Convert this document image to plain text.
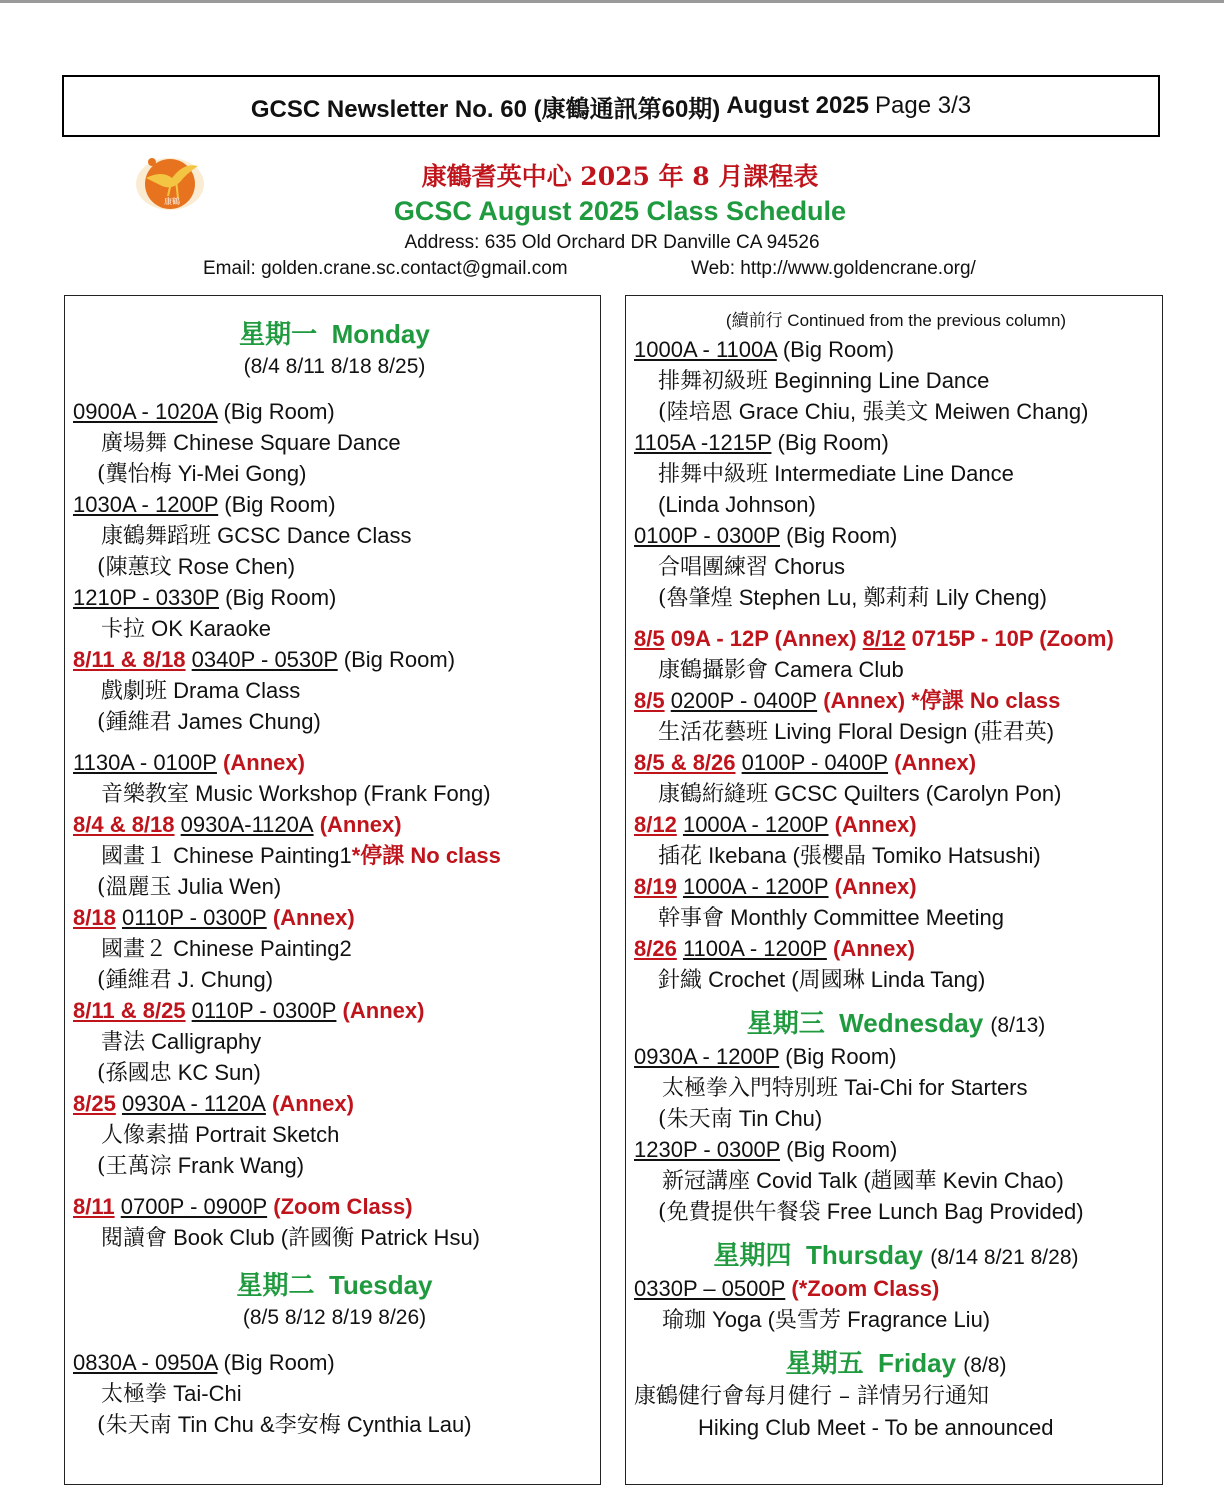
GCSC Newsletter No. 60 (康鶴通訊第60期) August 2025 Page 3/3
康鶴
康鶴耆英中心 2025 年 8 月課程表
GCSC August 2025 Class Schedule
Address: 635 Old Orchard DR Danville CA 94526
Email: golden.crane.sc.contact@gmail.com	Web: http://www.goldencrane.org/
星期一 Monday
(8/4 8/11 8/18 8/25)
0900A - 1020A (Big Room)
廣場舞 Chinese Square Dance
(龔怡梅 Yi-Mei Gong)
1030A - 1200P (Big Room)
康鶴舞蹈班 GCSC Dance Class
(陳蕙玟 Rose Chen)
1210P - 0330P (Big Room)
卡拉 OK Karaoke
8/11 & 8/18 0340P - 0530P (Big Room)
戲劇班 Drama Class
(鍾維君 James Chung)
1130A - 0100P (Annex)
音樂教室 Music Workshop (Frank Fong)
8/4 & 8/18 0930A-1120A (Annex)
國畫１ Chinese Painting1*停課 No class
(溫麗玉 Julia Wen)
8/18 0110P - 0300P (Annex)
國畫２ Chinese Painting2
(鍾維君 J. Chung)
8/11 & 8/25 0110P - 0300P (Annex)
書法 Calligraphy
(孫國忠 KC Sun)
8/25 0930A - 1120A (Annex)
人像素描 Portrait Sketch
(王萬淙 Frank Wang)
8/11 0700P - 0900P (Zoom Class)
閱讀會 Book Club (許國衡 Patrick Hsu)
星期二 Tuesday
(8/5 8/12 8/19 8/26)
0830A - 0950A (Big Room)
太極拳 Tai-Chi
(朱天南 Tin Chu &李安梅 Cynthia Lau)
(續前行 Continued from the previous column)
1000A - 1100A (Big Room)
排舞初級班 Beginning Line Dance
(陸培恩 Grace Chiu, 張美文 Meiwen Chang)
1105A -1215P (Big Room)
排舞中級班 Intermediate Line Dance
(Linda Johnson)
0100P - 0300P (Big Room)
合唱團練習 Chorus
(魯肇煌 Stephen Lu, 鄭莉莉 Lily Cheng)
8/5 09A - 12P (Annex) 8/12 0715P - 10P (Zoom)
康鶴攝影會 Camera Club
8/5 0200P - 0400P (Annex) *停課 No class
生活花藝班 Living Floral Design (莊君英)
8/5 & 8/26 0100P - 0400P (Annex)
康鶴絎縫班 GCSC Quilters (Carolyn Pon)
8/12 1000A - 1200P (Annex)
插花 Ikebana (張櫻晶 Tomiko Hatsushi)
8/19 1000A - 1200P (Annex)
幹事會 Monthly Committee Meeting
8/26 1100A - 1200P (Annex)
針織 Crochet (周國琳 Linda Tang)
星期三 Wednesday (8/13)
0930A - 1200P (Big Room)
太極拳入門特別班 Tai-Chi for Starters
(朱天南 Tin Chu)
1230P - 0300P (Big Room)
新冠講座 Covid Talk (趙國華 Kevin Chao)
(免費提供午餐袋 Free Lunch Bag Provided)
星期四 Thursday (8/14 8/21 8/28)
0330P – 0500P (*Zoom Class)
瑜珈 Yoga (吳雪芳 Fragrance Liu)
星期五 Friday (8/8)
康鶴健行會每月健行 – 詳情另行通知
Hiking Club Meet - To be announced
